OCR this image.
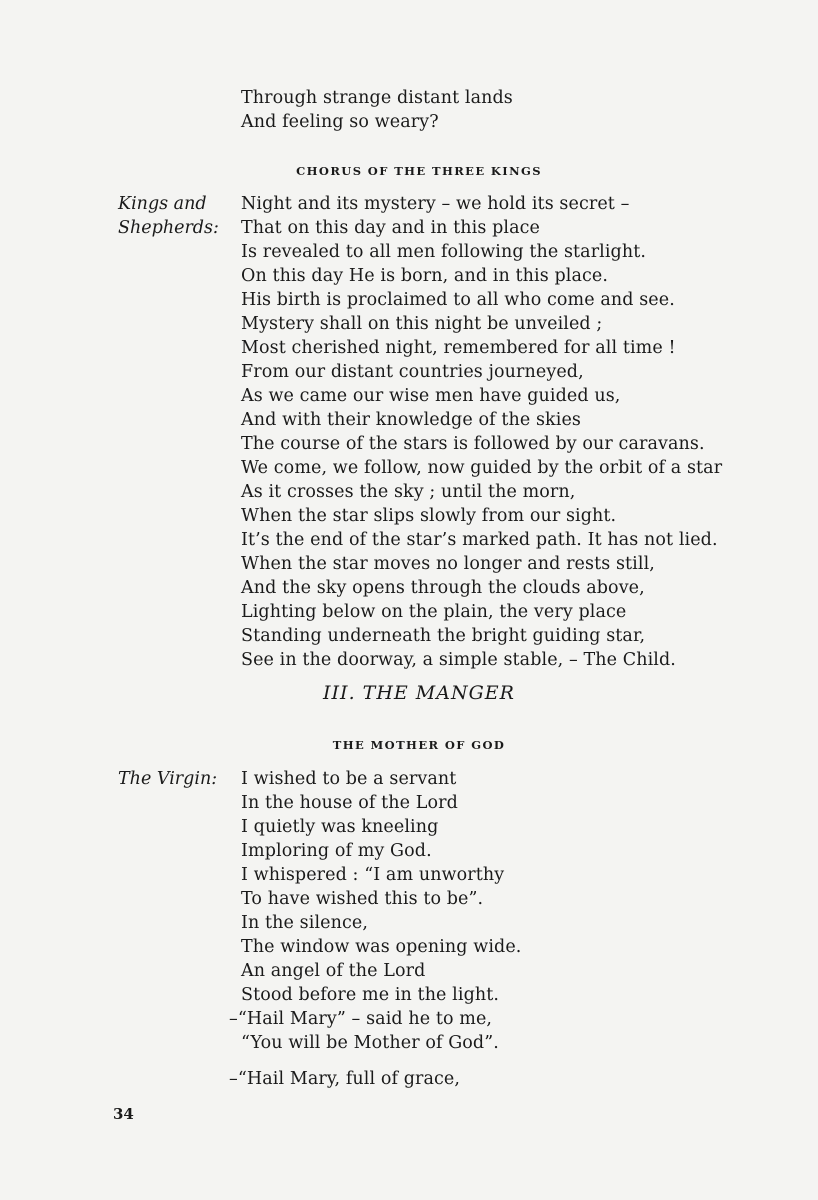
Through strange distant lands
And feeling so weary?
CHORUS OF THE THREE KINGS
Kings and
Shepherds:
Night and its mystery – we hold its secret –
That on this day and in this place
Is revealed to all men following the starlight.
On this day He is born, and in this place.
His birth is proclaimed to all who come and see.
Mystery shall on this night be unveiled ;
Most cherished night, remembered for all time !
From our distant countries journeyed,
As we came our wise men have guided us,
And with their knowledge of the skies
The course of the stars is followed by our caravans.
We come, we follow, now guided by the orbit of a star
As it crosses the sky ; until the morn,
When the star slips slowly from our sight.
It’s the end of the star’s marked path. It has not lied.
When the star moves no longer and rests still,
And the sky opens through the clouds above,
Lighting below on the plain, the very place
Standing underneath the bright guiding star,
See in the doorway, a simple stable, – The Child.
III. THE MANGER
THE MOTHER OF GOD
The Virgin: I wished to be a servant
In the house of the Lord
I quietly was kneeling
Imploring of my God.
I whispered : “I am unworthy
To have wished this to be”.
In the silence,
The window was opening wide.
An angel of the Lord
Stood before me in the light.
–“Hail Mary” – said he to me,
“You will be Mother of God”.
–“Hail Mary, full of grace,
34
